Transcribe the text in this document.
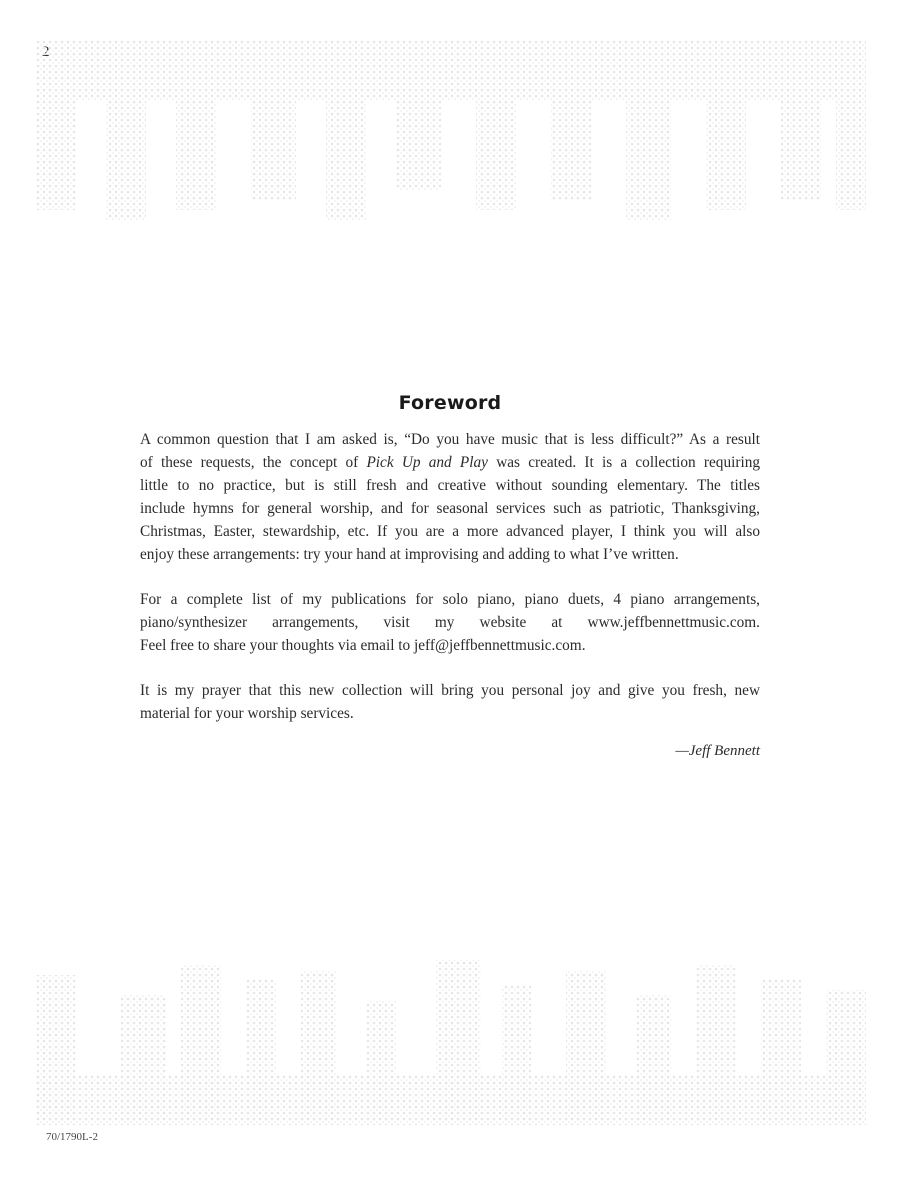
Foreword

A common question that I am asked is, “Do you have music that is less difficult?” As a result
of these requests, the concept of Pick Up and Play was created. It is a collection requiring
little to no practice, but is still fresh and creative without sounding elementary. The titles
include hymns for general worship, and for seasonal services such as patriotic, Thanksgiving,
Christmas, Easter, stewardship, etc. If you are a more advanced player, I think you will also
enjoy these arrangements: try your hand at improvising and adding to what I’ve written.

For a complete list of my publications for solo piano, piano duets, 4 piano arrangements,
piano/synthesizer arrangements, visit my website at www.jeffbennettmusic.com.
Feel free to share your thoughts via email to jeff@jeffbennettmusic.com.

It is my prayer that this new collection will bring you personal joy and give you fresh, new
material for your worship services.

—Jeff Bennett
70/1790L-2
